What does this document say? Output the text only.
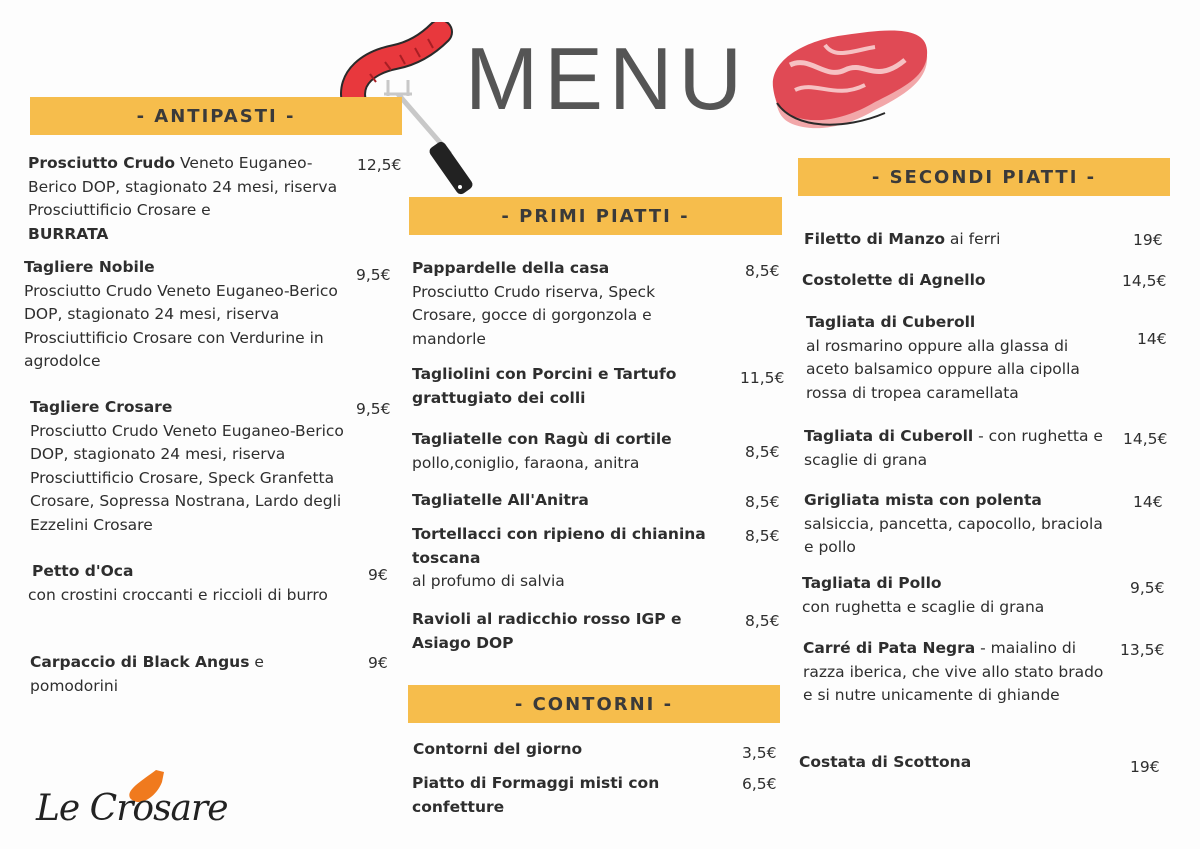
MENU
- ANTIPASTI -
Prosciutto Crudo Veneto Euganeo-Berico DOP, stagionato 24 mesi, riserva Prosciuttificio Crosare e
BURRATA
12,5€
Tagliere Nobile
Prosciutto Crudo Veneto Euganeo-Berico DOP, stagionato 24 mesi, riserva Prosciuttificio Crosare con Verdurine in agrodolce
9,5€
Tagliere Crosare
Prosciutto Crudo Veneto Euganeo-Berico DOP, stagionato 24 mesi, riserva Prosciuttificio Crosare, Speck Granfetta Crosare, Sopressa Nostrana, Lardo degli Ezzelini Crosare
9,5€
Petto d'Oca
con crostini croccanti e riccioli di burro
9€
Carpaccio di Black Angus e pomodorini
9€
- PRIMI PIATTI -
Pappardelle della casa
Prosciutto Crudo riserva, Speck Crosare, gocce di gorgonzola e mandorle
8,5€
Tagliolini con Porcini e Tartufo grattugiato dei colli
11,5€
Tagliatelle con Ragù di cortile
pollo,coniglio, faraona, anitra
8,5€
Tagliatelle All'Anitra	8,5€
Tortellacci con ripieno di chianina toscana
al profumo di salvia
8,5€
Ravioli al radicchio rosso IGP e Asiago DOP
8,5€
- CONTORNI -
Contorni del giorno	3,5€
Piatto di Formaggi misti con confetture
6,5€
- SECONDI PIATTI -
Filetto di Manzo ai ferri	19€
Costolette di Agnello	14,5€
Tagliata di Cuberoll
al rosmarino oppure alla glassa di aceto balsamico oppure alla cipolla rossa di tropea caramellata
14€
Tagliata di Cuberoll - con rughetta e scaglie di grana
14,5€
Grigliata mista con polenta
salsiccia, pancetta, capocollo, braciola e pollo
14€
Tagliata di Pollo
con rughetta e scaglie di grana
9,5€
Carré di Pata Negra - maialino di razza iberica, che vive allo stato brado e si nutre unicamente di ghiande
13,5€
Costata di Scottona	19€
Le Crosare
